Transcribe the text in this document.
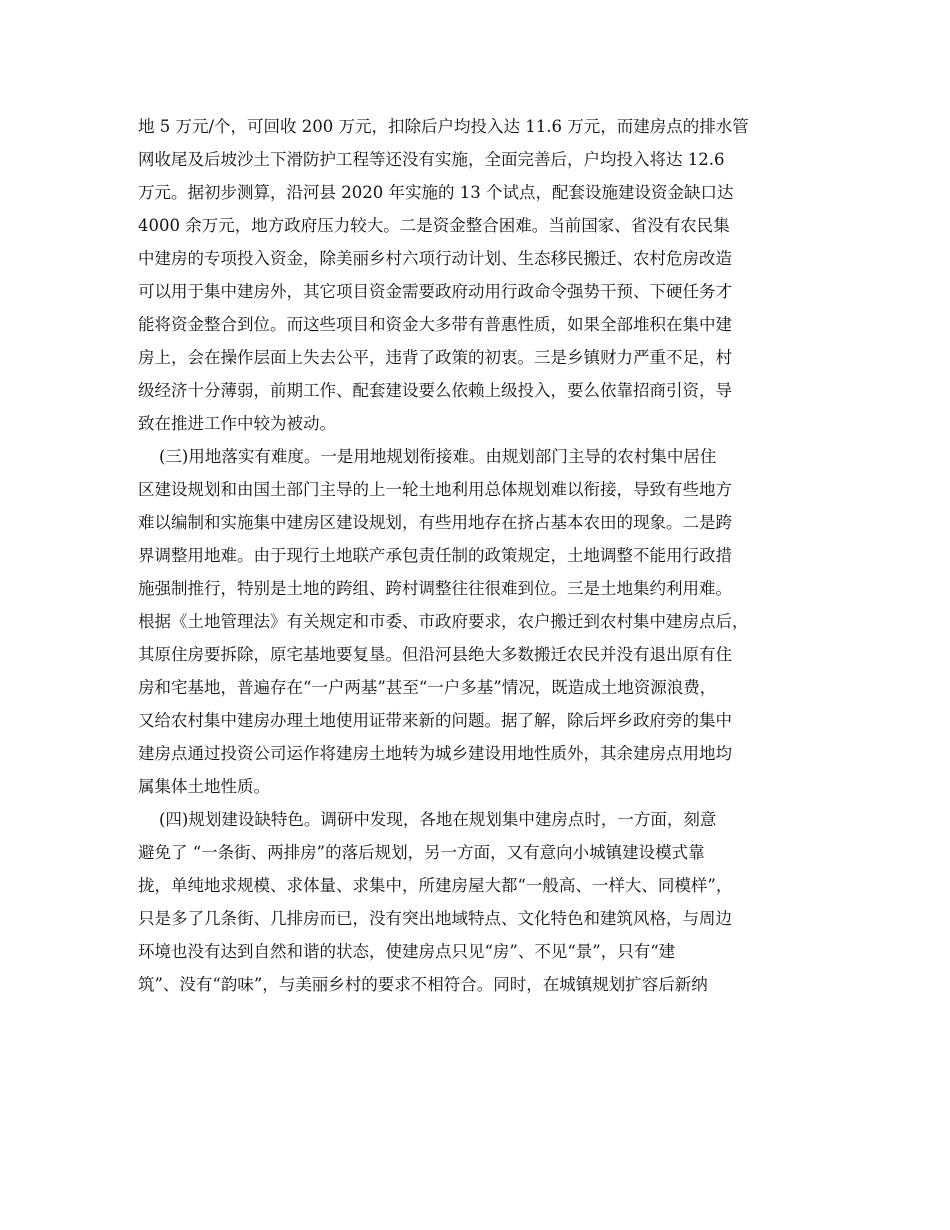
地 5 万元/个，可回收 200 万元，扣除后户均投入达 11.6 万元，而建房点的排水管
网收尾及后坡沙土下滑防护工程等还没有实施，全面完善后，户均投入将达 12.6
万元。据初步测算，沿河县 2020 年实施的 13 个试点，配套设施建设资金缺口达
4000 余万元，地方政府压力较大。二是资金整合困难。当前国家、省没有农民集
中建房的专项投入资金，除美丽乡村六项行动计划、生态移民搬迁、农村危房改造
可以用于集中建房外，其它项目资金需要政府动用行政命令强势干预、下硬任务才
能将资金整合到位。而这些项目和资金大多带有普惠性质，如果全部堆积在集中建
房上，会在操作层面上失去公平，违背了政策的初衷。三是乡镇财力严重不足，村
级经济十分薄弱，前期工作、配套建设要么依赖上级投入，要么依靠招商引资，导
致在推进工作中较为被动。

(三)用地落实有难度。一是用地规划衔接难。由规划部门主导的农村集中居住
区建设规划和由国土部门主导的上一轮土地利用总体规划难以衔接，导致有些地方
难以编制和实施集中建房区建设规划，有些用地存在挤占基本农田的现象。二是跨
界调整用地难。由于现行土地联产承包责任制的政策规定，土地调整不能用行政措
施强制推行，特别是土地的跨组、跨村调整往往很难到位。三是土地集约利用难。
根据《土地管理法》有关规定和市委、市政府要求，农户搬迁到农村集中建房点后，
其原住房要拆除，原宅基地要复垦。但沿河县绝大多数搬迁农民并没有退出原有住
房和宅基地，普遍存在“一户两基”甚至“一户多基”情况，既造成土地资源浪费，
又给农村集中建房办理土地使用证带来新的问题。据了解，除后坪乡政府旁的集中
建房点通过投资公司运作将建房土地转为城乡建设用地性质外，其余建房点用地均
属集体土地性质。

(四)规划建设缺特色。调研中发现，各地在规划集中建房点时，一方面，刻意
避免了 “一条街、两排房”的落后规划，另一方面，又有意向小城镇建设模式靠
拢，单纯地求规模、求体量、求集中，所建房屋大都“一般高、一样大、同模样”，
只是多了几条街、几排房而已，没有突出地域特点、文化特色和建筑风格，与周边
环境也没有达到自然和谐的状态，使建房点只见“房”、不见“景”，只有“建
筑”、没有“韵味”，与美丽乡村的要求不相符合。同时，在城镇规划扩容后新纳
